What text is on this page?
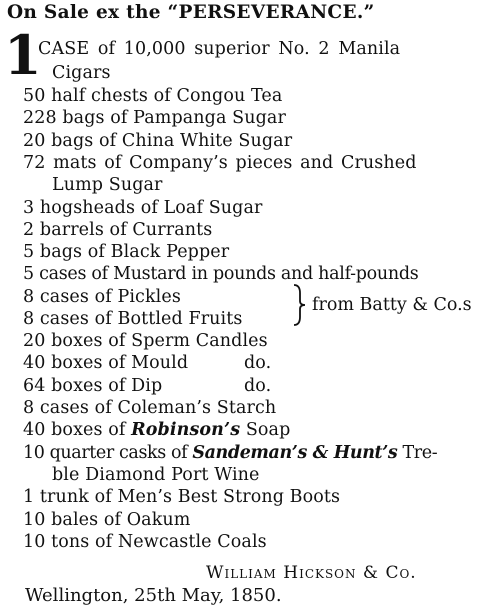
On Sale ex the “PERSEVERANCE.”
1
CASE of 10,000 superior No. 2 Manila
Cigars
50 half chests of Congou Tea
228 bags of Pampanga Sugar
20 bags of China White Sugar
72 mats of Company’s pieces and Crushed
Lump Sugar
3 hogsheads of Loaf Sugar
2 barrels of Currants
5 bags of Black Pepper
5 cases of Mustard in pounds and half-pounds
8 cases of Pickles
8 cases of Bottled Fruits
from Batty & Co.s
20 boxes of Sperm Candles
40 boxes of Mould	do.
64 boxes of Dip	do.
8 cases of Coleman’s Starch
40 boxes of Robinson’s Soap
10 quarter casks of Sandeman’s & Hunt’s Tre-
ble Diamond Port Wine
1 trunk of Men’s Best Strong Boots
10 bales of Oakum
10 tons of Newcastle Coals
William Hickson & Co.
Wellington, 25th May, 1850.
